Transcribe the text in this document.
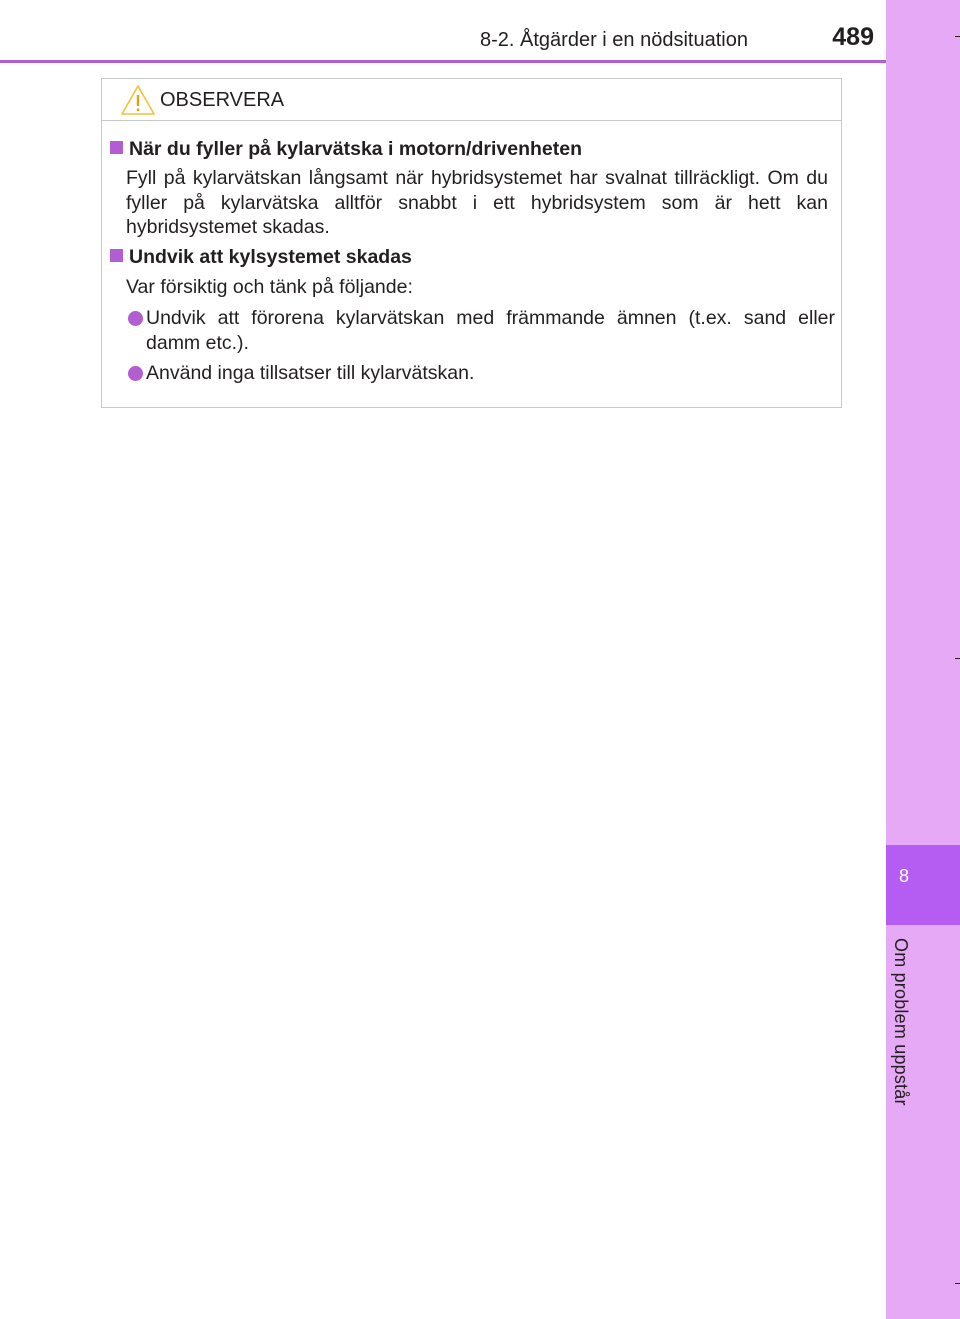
8-2. Åtgärder i en nödsituation	489
8
Om problem uppstår
OBSERVERA
När du fyller på kylarvätska i motorn/drivenheten
Fyll på kylarvätskan långsamt när hybridsystemet har svalnat tillräckligt. Om du fyller på kylarvätska alltför snabbt i ett hybridsystem som är hett kan hybridsystemet skadas.
Undvik att kylsystemet skadas
Var försiktig och tänk på följande:
Undvik att förorena kylarvätskan med främmande ämnen (t.ex. sand eller damm etc.).
Använd inga tillsatser till kylarvätskan.
